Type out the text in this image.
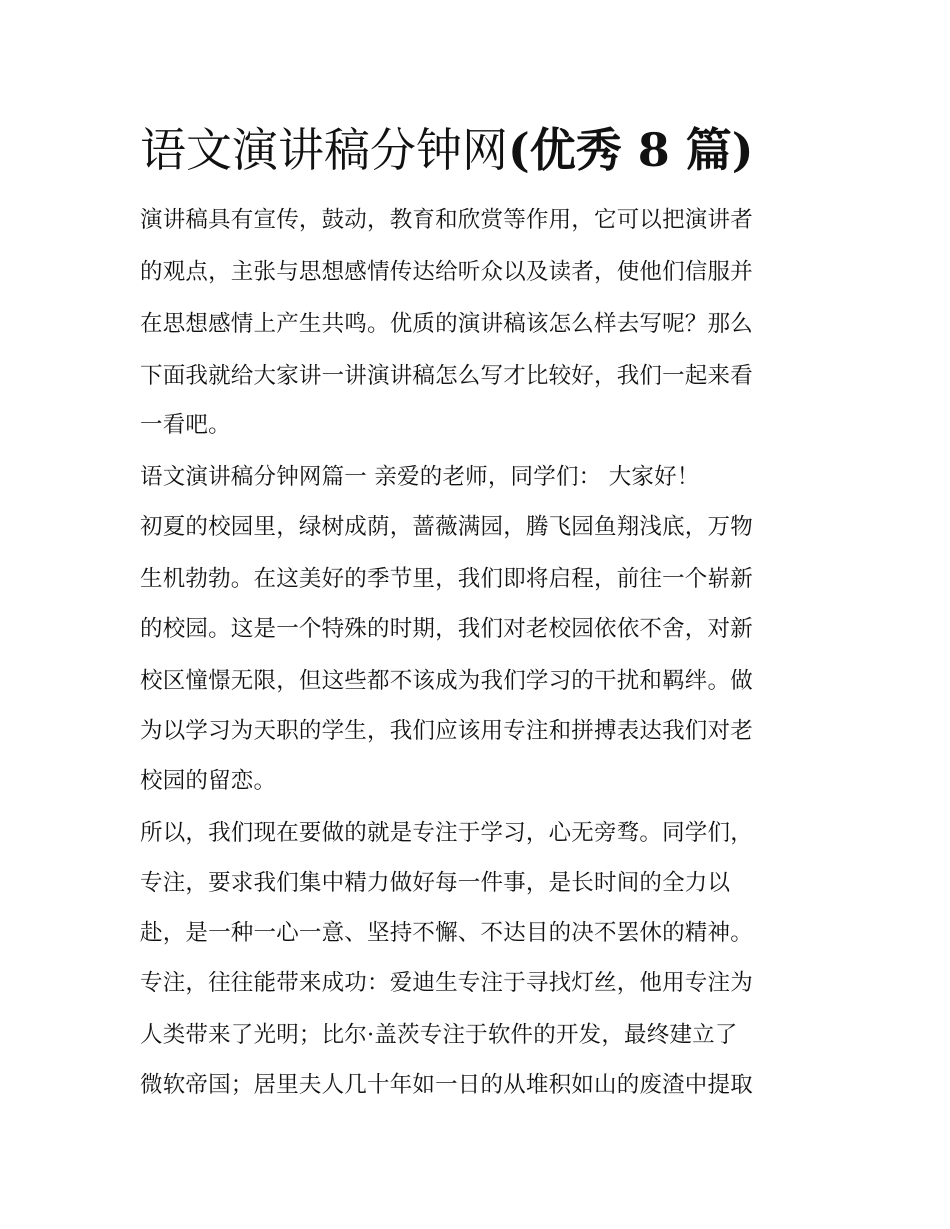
语文演讲稿分钟网(优秀 8 篇)

演讲稿具有宣传，鼓动，教育和欣赏等作用，它可以把演讲者

的观点，主张与思想感情传达给听众以及读者，使他们信服并

在思想感情上产生共鸣。优质的演讲稿该怎么样去写呢？那么

下面我就给大家讲一讲演讲稿怎么写才比较好，我们一起来看

一看吧。

语文演讲稿分钟网篇一 亲爱的老师，同学们： 大家好！

初夏的校园里，绿树成荫，蔷薇满园，腾飞园鱼翔浅底，万物

生机勃勃。在这美好的季节里，我们即将启程，前往一个崭新

的校园。这是一个特殊的时期，我们对老校园依依不舍，对新

校区憧憬无限，但这些都不该成为我们学习的干扰和羁绊。做

为以学习为天职的学生，我们应该用专注和拼搏表达我们对老

校园的留恋。

所以，我们现在要做的就是专注于学习，心无旁骛。同学们，

专注，要求我们集中精力做好每一件事，是长时间的全力以

赴，是一种一心一意、坚持不懈、不达目的决不罢休的精神。

专注，往往能带来成功：爱迪生专注于寻找灯丝，他用专注为

人类带来了光明；比尔·盖茨专注于软件的开发，最终建立了

微软帝国；居里夫人几十年如一日的从堆积如山的废渣中提取
